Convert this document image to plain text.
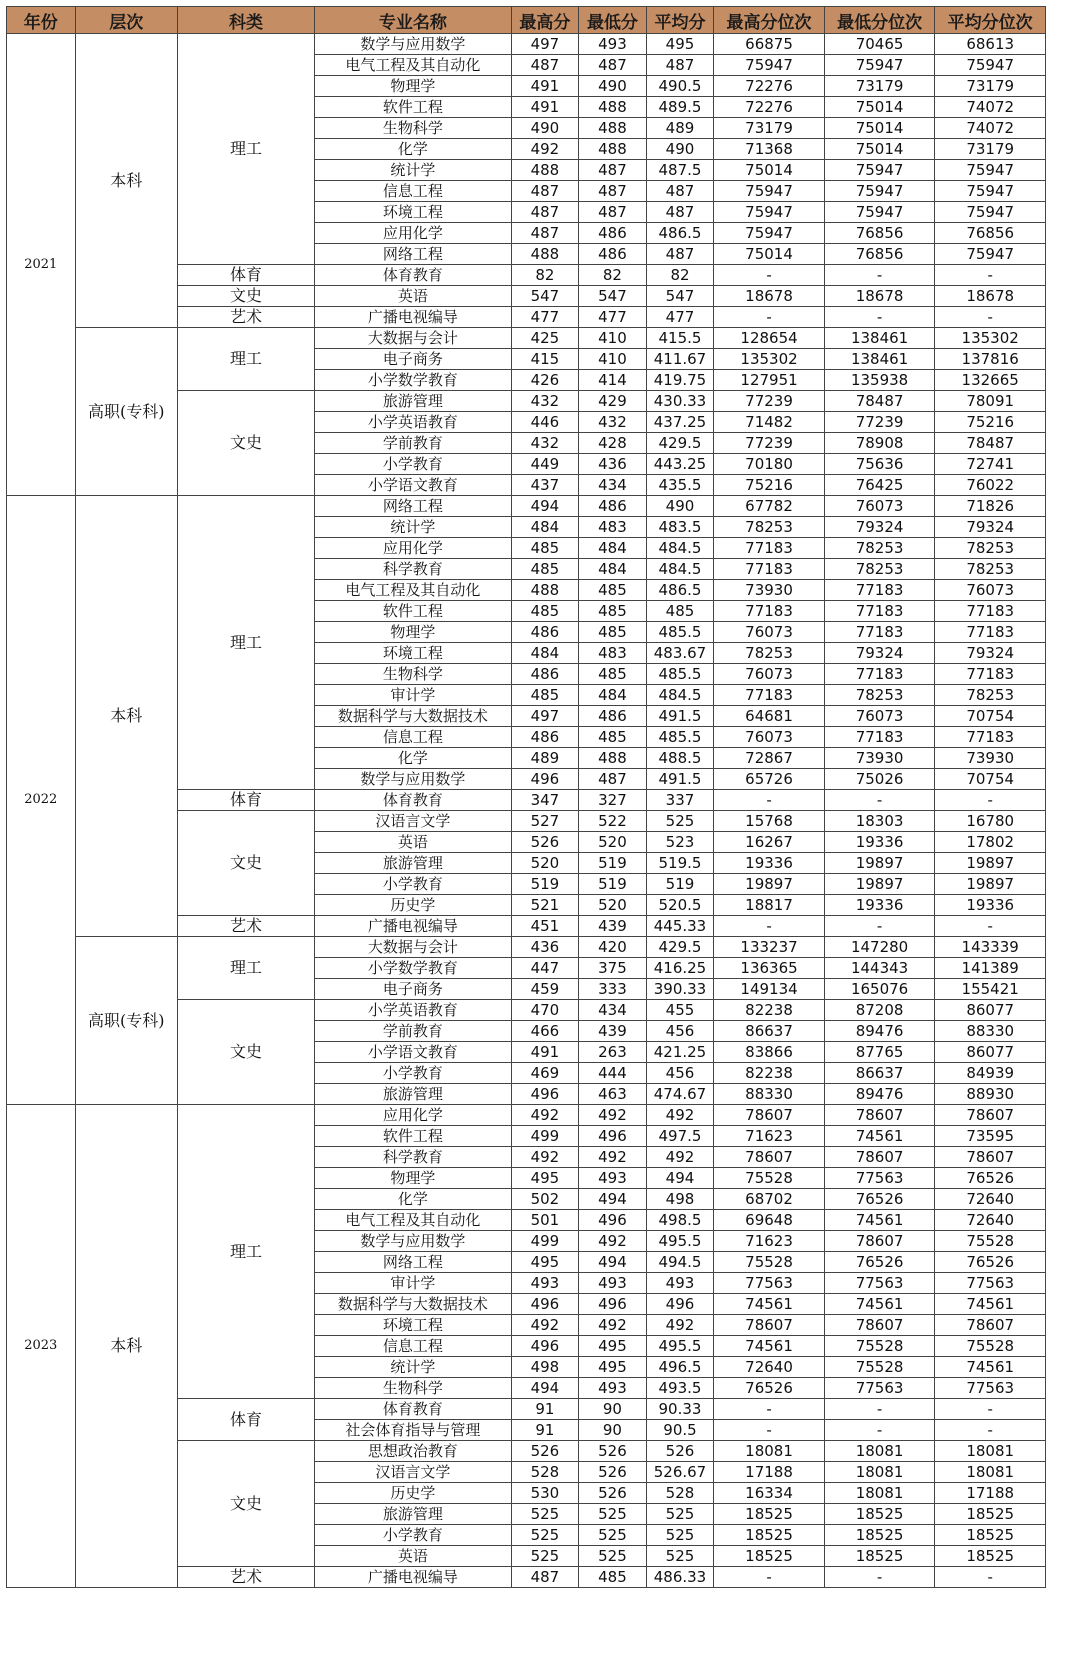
年份	层次	科类	专业名称	最高分	最低分	平均分	最高分位次	最低分位次	平均分位次
2021	本科	理工	数学与应用数学	497	493	495	66875	70465	68613
			电气工程及其自动化	487	487	487	75947	75947	75947
			物理学	491	490	490.5	72276	73179	73179
			软件工程	491	488	489.5	72276	75014	74072
			生物科学	490	488	489	73179	75014	74072
			化学	492	488	490	71368	75014	73179
			统计学	488	487	487.5	75014	75947	75947
			信息工程	487	487	487	75947	75947	75947
			环境工程	487	487	487	75947	75947	75947
			应用化学	487	486	486.5	75947	76856	76856
			网络工程	488	486	487	75014	76856	75947
		体育	体育教育	82	82	82	-	-	-
		文史	英语	547	547	547	18678	18678	18678
		艺术	广播电视编导	477	477	477	-	-	-
	高职(专科)	理工	大数据与会计	425	410	415.5	128654	138461	135302
			电子商务	415	410	411.67	135302	138461	137816
			小学数学教育	426	414	419.75	127951	135938	132665
		文史	旅游管理	432	429	430.33	77239	78487	78091
			小学英语教育	446	432	437.25	71482	77239	75216
			学前教育	432	428	429.5	77239	78908	78487
			小学教育	449	436	443.25	70180	75636	72741
			小学语文教育	437	434	435.5	75216	76425	76022
2022	本科	理工	网络工程	494	486	490	67782	76073	71826
			统计学	484	483	483.5	78253	79324	79324
			应用化学	485	484	484.5	77183	78253	78253
			科学教育	485	484	484.5	77183	78253	78253
			电气工程及其自动化	488	485	486.5	73930	77183	76073
			软件工程	485	485	485	77183	77183	77183
			物理学	486	485	485.5	76073	77183	77183
			环境工程	484	483	483.67	78253	79324	79324
			生物科学	486	485	485.5	76073	77183	77183
			审计学	485	484	484.5	77183	78253	78253
			数据科学与大数据技术	497	486	491.5	64681	76073	70754
			信息工程	486	485	485.5	76073	77183	77183
			化学	489	488	488.5	72867	73930	73930
			数学与应用数学	496	487	491.5	65726	75026	70754
		体育	体育教育	347	327	337	-	-	-
		文史	汉语言文学	527	522	525	15768	18303	16780
			英语	526	520	523	16267	19336	17802
			旅游管理	520	519	519.5	19336	19897	19897
			小学教育	519	519	519	19897	19897	19897
			历史学	521	520	520.5	18817	19336	19336
		艺术	广播电视编导	451	439	445.33	-	-	-
	高职(专科)	理工	大数据与会计	436	420	429.5	133237	147280	143339
			小学数学教育	447	375	416.25	136365	144343	141389
			电子商务	459	333	390.33	149134	165076	155421
		文史	小学英语教育	470	434	455	82238	87208	86077
			学前教育	466	439	456	86637	89476	88330
			小学语文教育	491	263	421.25	83866	87765	86077
			小学教育	469	444	456	82238	86637	84939
			旅游管理	496	463	474.67	88330	89476	88930
2023	本科	理工	应用化学	492	492	492	78607	78607	78607
			软件工程	499	496	497.5	71623	74561	73595
			科学教育	492	492	492	78607	78607	78607
			物理学	495	493	494	75528	77563	76526
			化学	502	494	498	68702	76526	72640
			电气工程及其自动化	501	496	498.5	69648	74561	72640
			数学与应用数学	499	492	495.5	71623	78607	75528
			网络工程	495	494	494.5	75528	76526	76526
			审计学	493	493	493	77563	77563	77563
			数据科学与大数据技术	496	496	496	74561	74561	74561
			环境工程	492	492	492	78607	78607	78607
			信息工程	496	495	495.5	74561	75528	75528
			统计学	498	495	496.5	72640	75528	74561
			生物科学	494	493	493.5	76526	77563	77563
		体育	体育教育	91	90	90.33	-	-	-
			社会体育指导与管理	91	90	90.5	-	-	-
		文史	思想政治教育	526	526	526	18081	18081	18081
			汉语言文学	528	526	526.67	17188	18081	18081
			历史学	530	526	528	16334	18081	17188
			旅游管理	525	525	525	18525	18525	18525
			小学教育	525	525	525	18525	18525	18525
			英语	525	525	525	18525	18525	18525
		艺术	广播电视编导	487	485	486.33	-	-	-
